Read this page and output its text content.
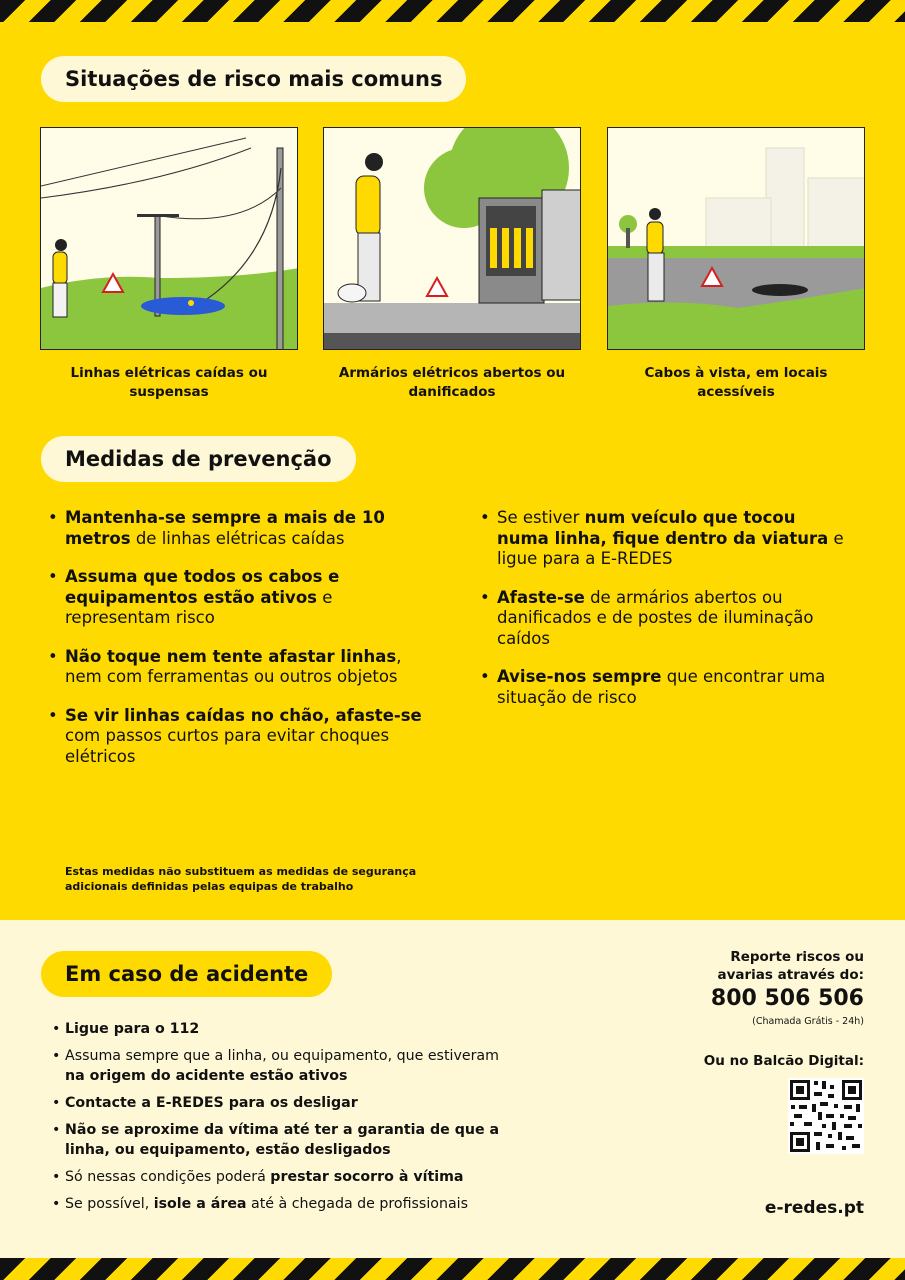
Situações de risco mais comuns
Linhas elétricas caídas ou suspensas
Armários elétricos abertos ou danificados
Cabos à vista, em locais acessíveis
Medidas de prevenção
• Mantenha-se sempre a mais de 10 metros de linhas elétricas caídas
• Assuma que todos os cabos e equipamentos estão ativos e representam risco
• Não toque nem tente afastar linhas, nem com ferramentas ou outros objetos
• Se vir linhas caídas no chão, afaste-se com passos curtos para evitar choques elétricos
• Se estiver num veículo que tocou numa linha, fique dentro da viatura e ligue para a E-REDES
• Afaste-se de armários abertos ou danificados e de postes de iluminação caídos
• Avise-nos sempre que encontrar uma situação de risco
Estas medidas não substituem as medidas de segurança adicionais definidas pelas equipas de trabalho
Em caso de acidente
• Ligue para o 112
• Assuma sempre que a linha, ou equipamento, que estiveram na origem do acidente estão ativos
• Contacte a E-REDES para os desligar
• Não se aproxime da vítima até ter a garantia de que a linha, ou equipamento, estão desligados
• Só nessas condições poderá prestar socorro à vítima
• Se possível, isole a área até à chegada de profissionais
Reporte riscos ou avarias através do:
800 506 506
(Chamada Grátis - 24h)
Ou no Balcão Digital:
e-redes.pt
